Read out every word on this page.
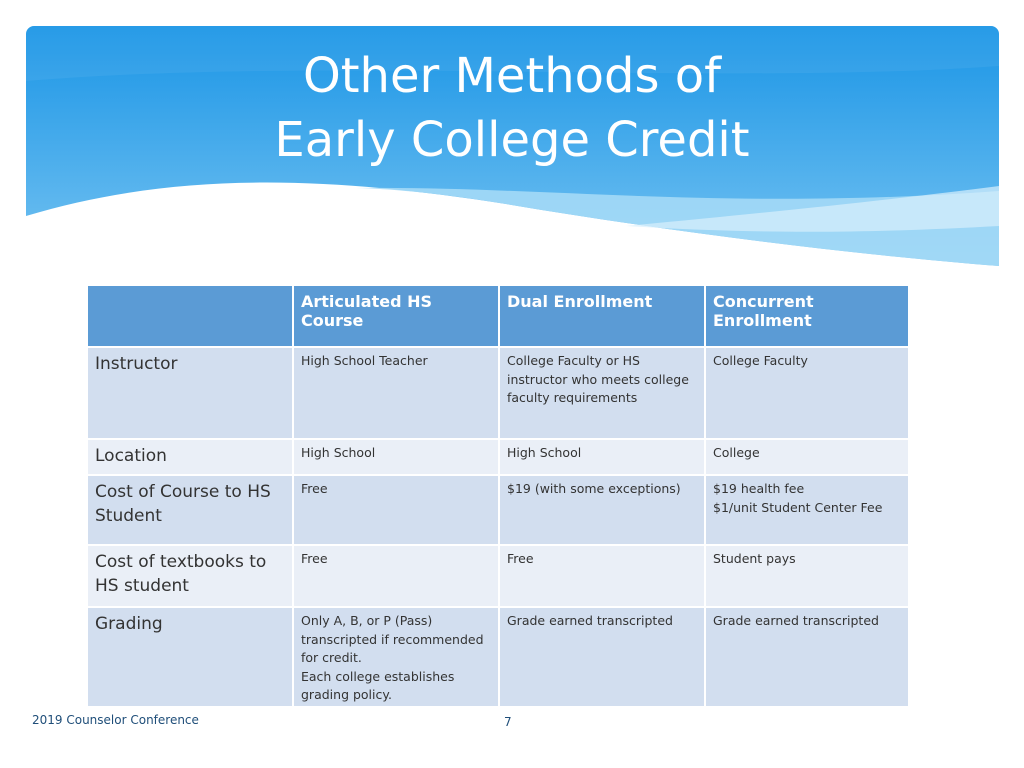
Other Methods of
Early College Credit
	Articulated HS Course	Dual Enrollment	Concurrent Enrollment
Instructor	High School Teacher	College Faculty or HS instructor who meets college faculty requirements	College Faculty
Location	High School	High School	College
Cost of Course to HS Student	Free	$19 (with some exceptions)	$19 health fee
$1/unit Student Center Fee

Cost of textbooks to HS student	Free	Free	Student pays
Grading	Only A, B, or P (Pass) transcripted if recommended for credit.
Each college establishes grading policy.	Grade earned transcripted	Grade earned transcripted
2019 Counselor Conference	7
